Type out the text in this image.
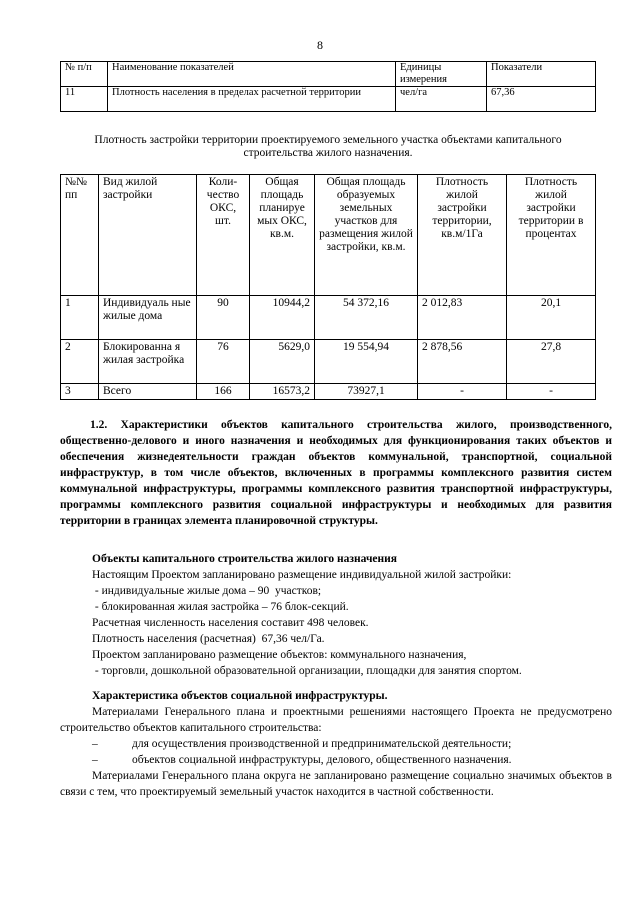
8
№ п/п	Наименование показателей	Единицы измерения	Показатели
11	Плотность населения в пределах расчетной территории	чел/га	67,36
Плотность застройки территории проектируемого земельного участка объектами капитального строительства жилого назначения.
№№ пп	Вид жилой застройки	Коли-чество ОКС, шт.	Общая площадь планируе мых ОКС, кв.м.	Общая площадь образуемых земельных участков для размещения жилой застройки, кв.м.	Плотность жилой застройки территории, кв.м/1Га	Плотность жилой застройки территории в процентах
1	Индивидуаль ные жилые дома	90	10944,2	54 372,16	2 012,83	20,1
2	Блокированна я жилая застройка	76	5629,0	19 554,94	2 878,56	27,8
3	Всего	166	16573,2	73927,1	-	-
1.2. Характеристики объектов капитального строительства жилого, производственного, общественно-делового и иного назначения и необходимых для функционирования таких объектов и обеспечения жизнедеятельности граждан объектов коммунальной, транспортной, социальной инфраструктур, в том числе объектов, включенных в программы комплексного развития систем коммунальной инфраструктуры, программы комплексного развития транспортной инфраструктуры, программы комплексного развития социальной инфраструктуры и необходимых для развития территории в границах элемента планировочной структуры.

Объекты капитального строительства жилого назначения

Настоящим Проектом запланировано размещение индивидуальной жилой застройки:

- индивидуальные жилые дома – 90  участков;

- блокированная жилая застройка – 76 блок-секций.

Расчетная численность населения составит 498 человек.

Плотность населения (расчетная)  67,36 чел/Га.

Проектом запланировано размещение объектов: коммунального назначения,

- торговли, дошкольной образовательной организации, площадки для занятия спортом.

Характеристика объектов социальной инфраструктуры.

Материалами Генерального плана и проектными решениями настоящего Проекта не предусмотрено строительство объектов капитального строительства:

–	для осуществления производственной и предпринимательской деятельности;
–	объектов социальной инфраструктуры, делового, общественного назначения.

Материалами Генерального плана округа не запланировано размещение социально значимых объектов в связи с тем, что проектируемый земельный участок находится в частной собственности.
